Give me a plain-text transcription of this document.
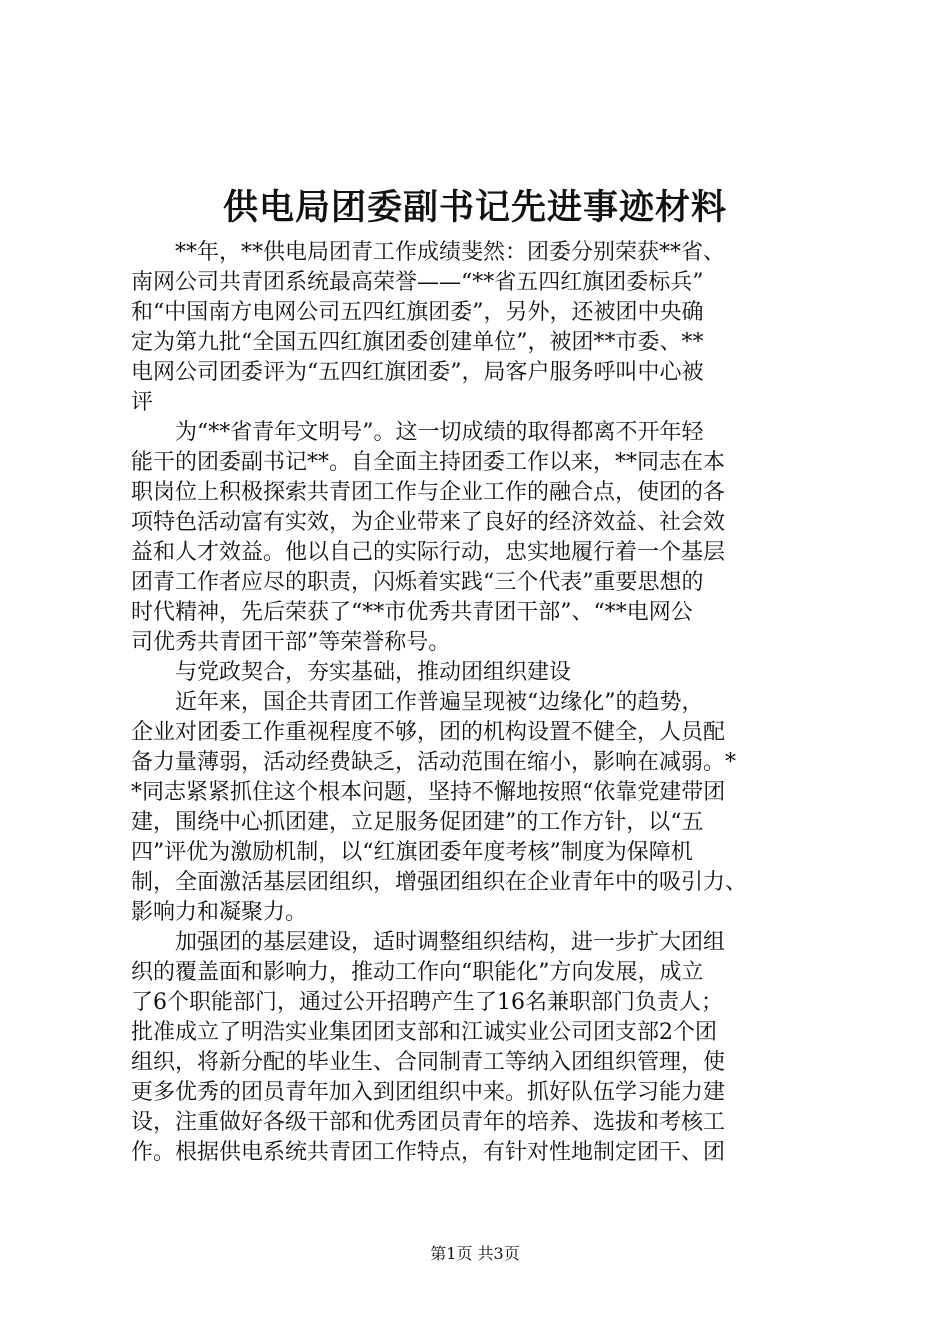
供电局团委副书记先进事迹材料
　　**年，**供电局团青工作成绩斐然：团委分别荣获**省、
南网公司共青团系统最高荣誉——“**省五四红旗团委标兵”
和“中国南方电网公司五四红旗团委”，另外，还被团中央确
定为第九批“全国五四红旗团委创建单位”，被团**市委、**
电网公司团委评为“五四红旗团委”，局客户服务呼叫中心被
评
　　为“**省青年文明号”。这一切成绩的取得都离不开年轻
能干的团委副书记**。自全面主持团委工作以来，**同志在本
职岗位上积极探索共青团工作与企业工作的融合点，使团的各
项特色活动富有实效，为企业带来了良好的经济效益、社会效
益和人才效益。他以自己的实际行动，忠实地履行着一个基层
团青工作者应尽的职责，闪烁着实践“三个代表”重要思想的
时代精神，先后荣获了“**市优秀共青团干部”、“**电网公
司优秀共青团干部”等荣誉称号。
　　与党政契合，夯实基础，推动团组织建设
　　近年来，国企共青团工作普遍呈现被“边缘化”的趋势，
企业对团委工作重视程度不够，团的机构设置不健全，人员配
备力量薄弱，活动经费缺乏，活动范围在缩小，影响在减弱。*
*同志紧紧抓住这个根本问题，坚持不懈地按照“依靠党建带团
建，围绕中心抓团建，立足服务促团建”的工作方针，以“五
四”评优为激励机制，以“红旗团委年度考核”制度为保障机
制，全面激活基层团组织，增强团组织在企业青年中的吸引力、
影响力和凝聚力。
　　加强团的基层建设，适时调整组织结构，进一步扩大团组
织的覆盖面和影响力，推动工作向“职能化”方向发展，成立
了6个职能部门，通过公开招聘产生了16名兼职部门负责人；
批准成立了明浩实业集团团支部和江诚实业公司团支部2个团
组织，将新分配的毕业生、合同制青工等纳入团组织管理，使
更多优秀的团员青年加入到团组织中来。抓好队伍学习能力建
设，注重做好各级干部和优秀团员青年的培养、选拔和考核工
作。根据供电系统共青团工作特点，有针对性地制定团干、团
第1页 共3页
